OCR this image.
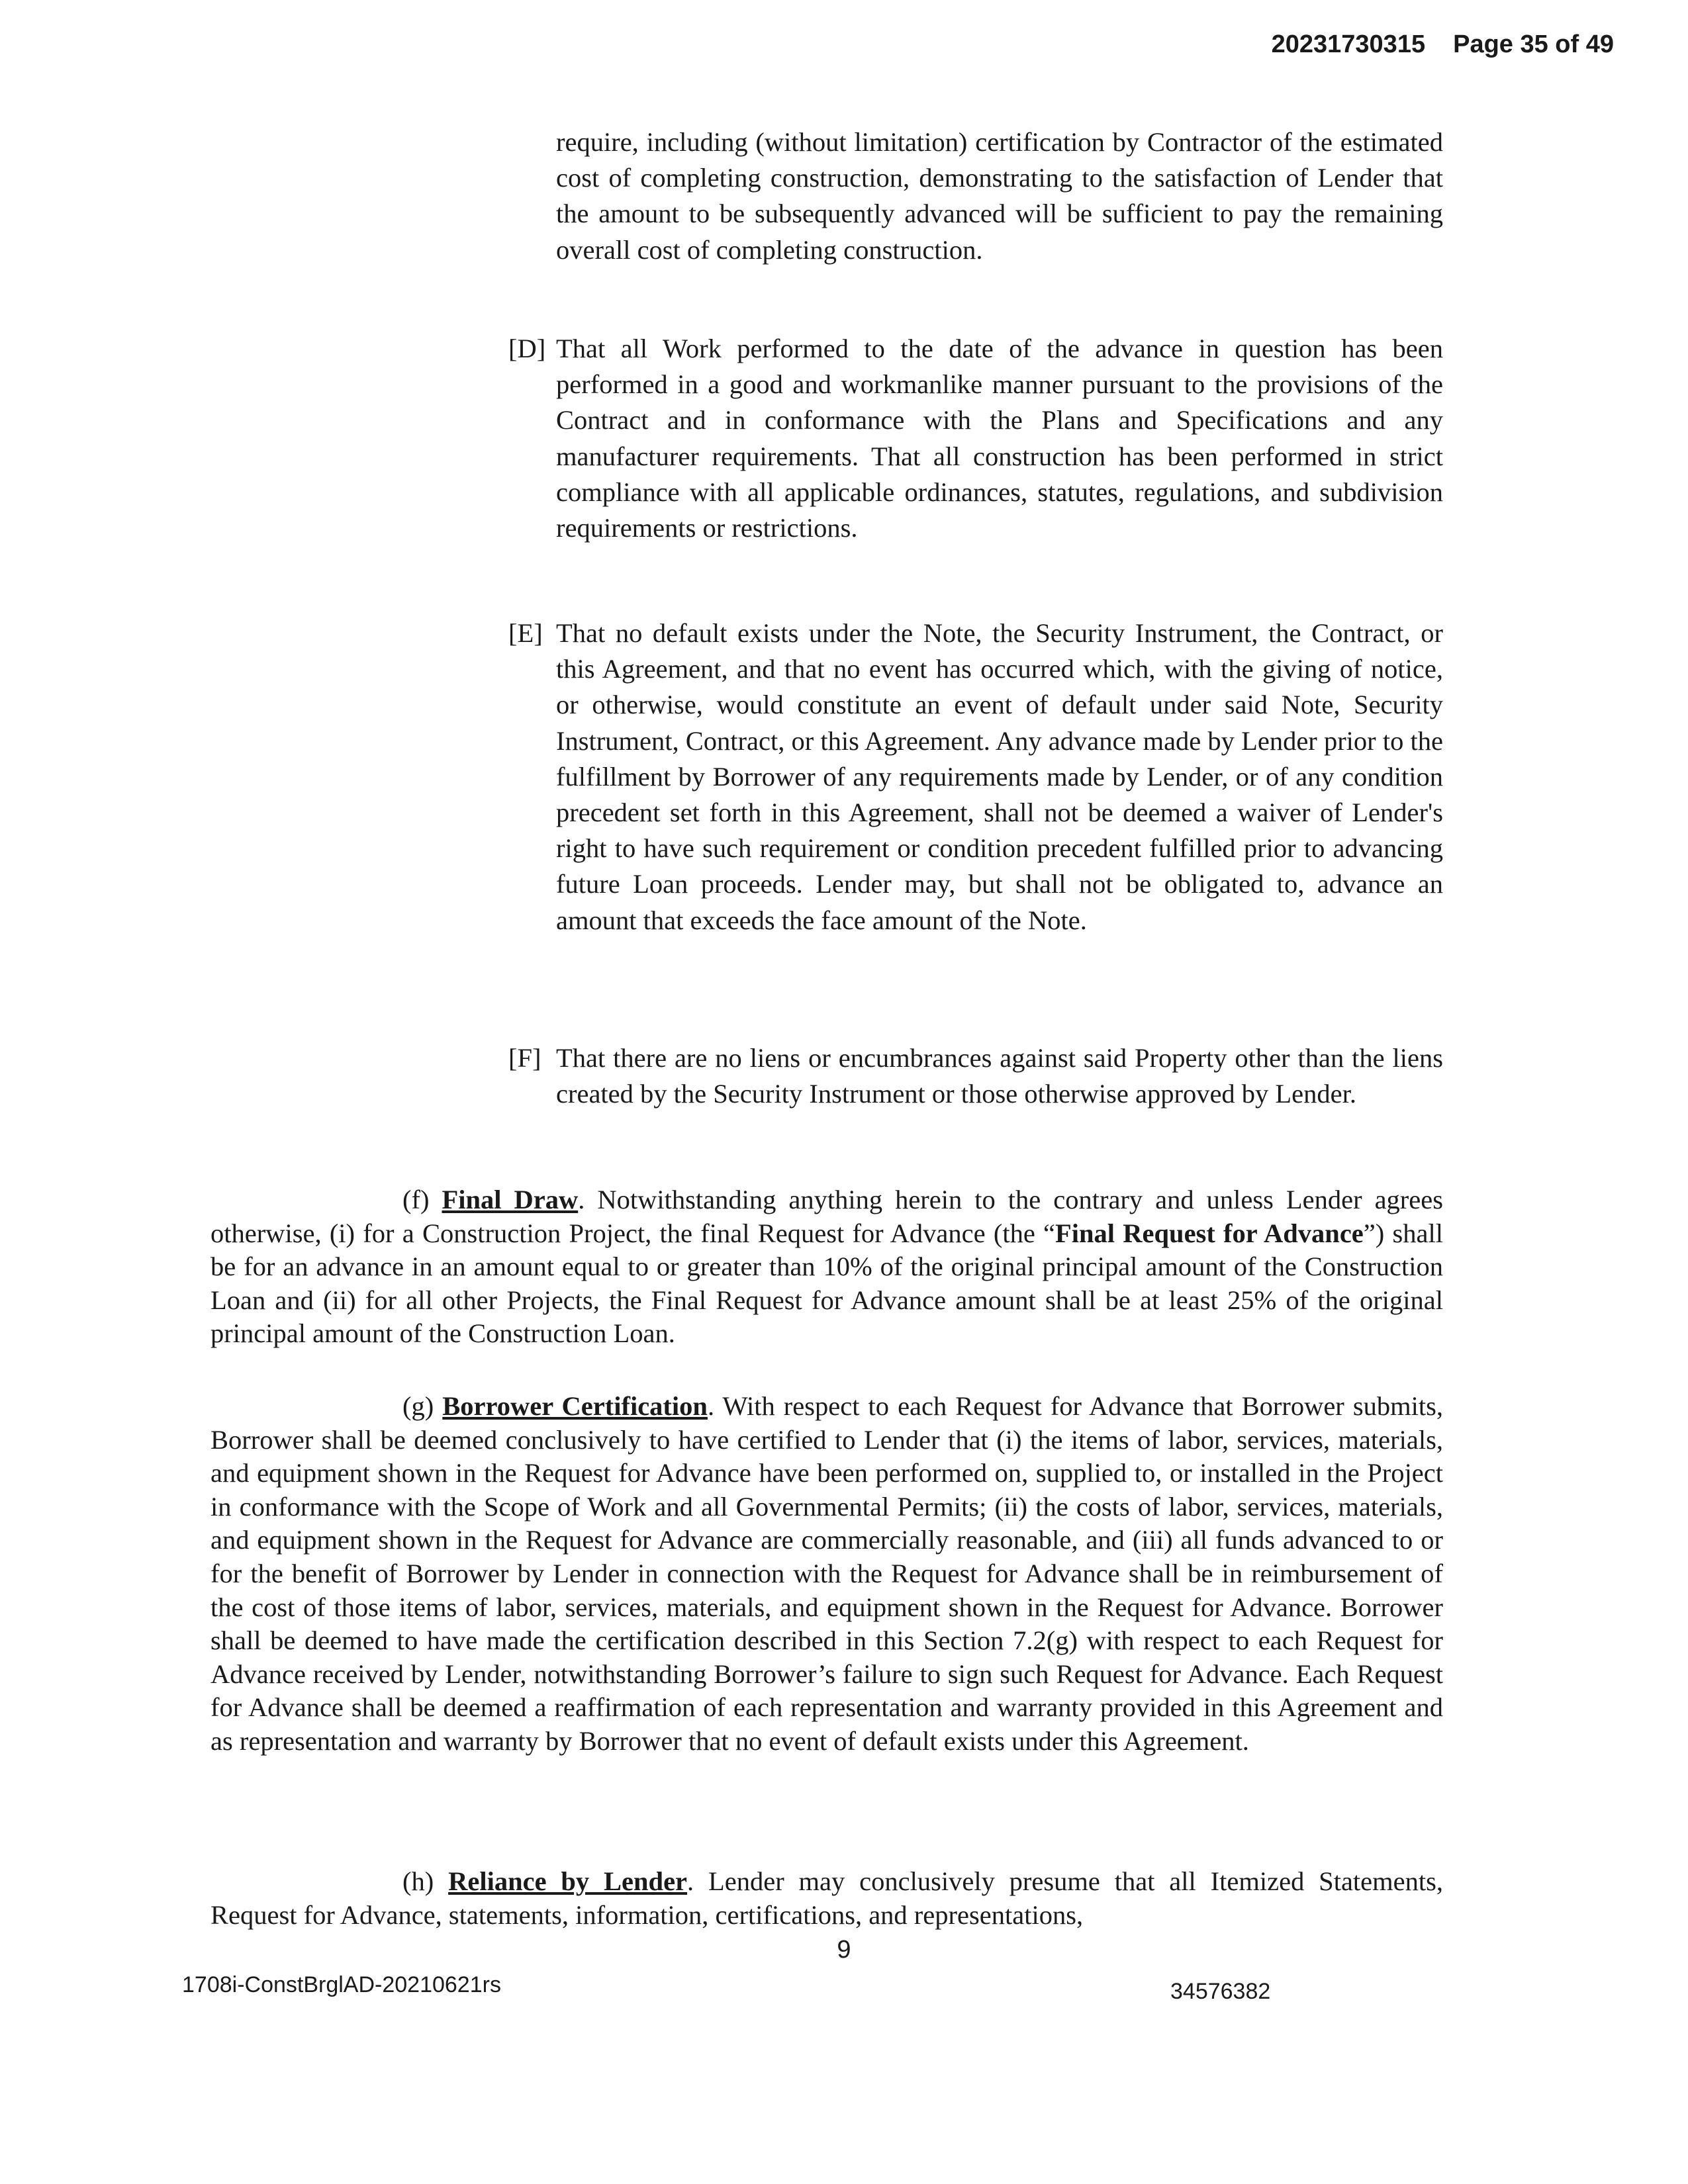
20231730315 Page 35 of 49
require, including (without limitation) certification by Contractor of the estimated cost of completing construction, demonstrating to the satisfaction of Lender that the amount to be subsequently advanced will be sufficient to pay the remaining overall cost of completing construction.
[D] That all Work performed to the date of the advance in question has been performed in a good and workmanlike manner pursuant to the provisions of the Contract and in conformance with the Plans and Specifications and any manufacturer requirements. That all construction has been performed in strict compliance with all applicable ordinances, statutes, regulations, and subdivision requirements or restrictions.
[E] That no default exists under the Note, the Security Instrument, the Contract, or this Agreement, and that no event has occurred which, with the giving of notice, or otherwise, would constitute an event of default under said Note, Security Instrument, Contract, or this Agreement. Any advance made by Lender prior to the fulfillment by Borrower of any requirements made by Lender, or of any condition precedent set forth in this Agreement, shall not be deemed a waiver of Lender's right to have such requirement or condition precedent fulfilled prior to advancing future Loan proceeds. Lender may, but shall not be obligated to, advance an amount that exceeds the face amount of the Note.
[F] That there are no liens or encumbrances against said Property other than the liens created by the Security Instrument or those otherwise approved by Lender.
(f) Final Draw. Notwithstanding anything herein to the contrary and unless Lender agrees otherwise, (i) for a Construction Project, the final Request for Advance (the “Final Request for Advance”) shall be for an advance in an amount equal to or greater than 10% of the original principal amount of the Construction Loan and (ii) for all other Projects, the Final Request for Advance amount shall be at least 25% of the original principal amount of the Construction Loan.
(g) Borrower Certification. With respect to each Request for Advance that Borrower submits, Borrower shall be deemed conclusively to have certified to Lender that (i) the items of labor, services, materials, and equipment shown in the Request for Advance have been performed on, supplied to, or installed in the Project in conformance with the Scope of Work and all Governmental Permits; (ii) the costs of labor, services, materials, and equipment shown in the Request for Advance are commercially reasonable, and (iii) all funds advanced to or for the benefit of Borrower by Lender in connection with the Request for Advance shall be in reimbursement of the cost of those items of labor, services, materials, and equipment shown in the Request for Advance. Borrower shall be deemed to have made the certification described in this Section 7.2(g) with respect to each Request for Advance received by Lender, notwithstanding Borrower’s failure to sign such Request for Advance. Each Request for Advance shall be deemed a reaffirmation of each representation and warranty provided in this Agreement and as representation and warranty by Borrower that no event of default exists under this Agreement.
(h) Reliance by Lender. Lender may conclusively presume that all Itemized Statements, Request for Advance, statements, information, certifications, and representations,
9
1708i-ConstBrglAD-20210621rs	34576382
